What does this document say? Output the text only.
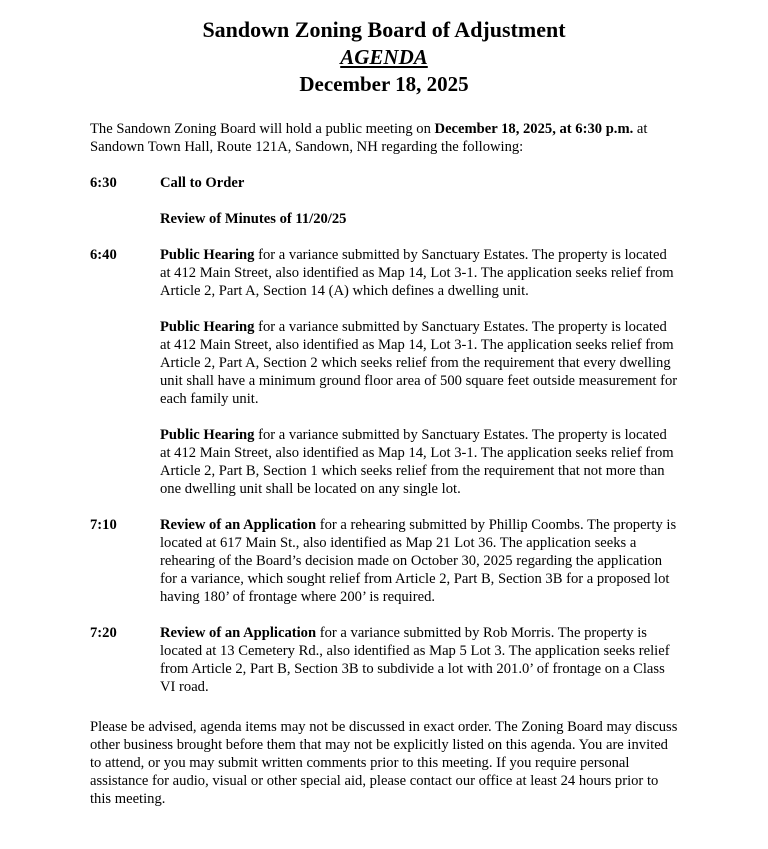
Sandown Zoning Board of Adjustment

AGENDA

December 18, 2025

The Sandown Zoning Board will hold a public meeting on December 18, 2025, at 6:30 p.m. at Sandown Town Hall, Route 121A, Sandown, NH regarding the following:

6:30	Call to Order

Review of Minutes of 11/20/25

6:40	Public Hearing for a variance submitted by Sanctuary Estates. The property is located at 412 Main Street, also identified as Map 14, Lot 3-1. The application seeks relief from Article 2, Part A, Section 14 (A) which defines a dwelling unit.

Public Hearing for a variance submitted by Sanctuary Estates. The property is located at 412 Main Street, also identified as Map 14, Lot 3-1. The application seeks relief from Article 2, Part A, Section 2 which seeks relief from the requirement that every dwelling unit shall have a minimum ground floor area of 500 square feet outside measurement for each family unit.

Public Hearing for a variance submitted by Sanctuary Estates. The property is located at 412 Main Street, also identified as Map 14, Lot 3-1. The application seeks relief from Article 2, Part B, Section 1 which seeks relief from the requirement that not more than one dwelling unit shall be located on any single lot.

7:10	Review of an Application for a rehearing submitted by Phillip Coombs. The property is located at 617 Main St., also identified as Map 21 Lot 36. The application seeks a rehearing of the Board’s decision made on October 30, 2025 regarding the application for a variance, which sought relief from Article 2, Part B, Section 3B for a proposed lot having 180’ of frontage where 200’ is required.

7:20	Review of an Application for a variance submitted by Rob Morris. The property is located at 13 Cemetery Rd., also identified as Map 5 Lot 3. The application seeks relief from Article 2, Part B, Section 3B to subdivide a lot with 201.0’ of frontage on a Class VI road.

Please be advised, agenda items may not be discussed in exact order. The Zoning Board may discuss other business brought before them that may not be explicitly listed on this agenda. You are invited to attend, or you may submit written comments prior to this meeting. If you require personal assistance for audio, visual or other special aid, please contact our office at least 24 hours prior to this meeting.
